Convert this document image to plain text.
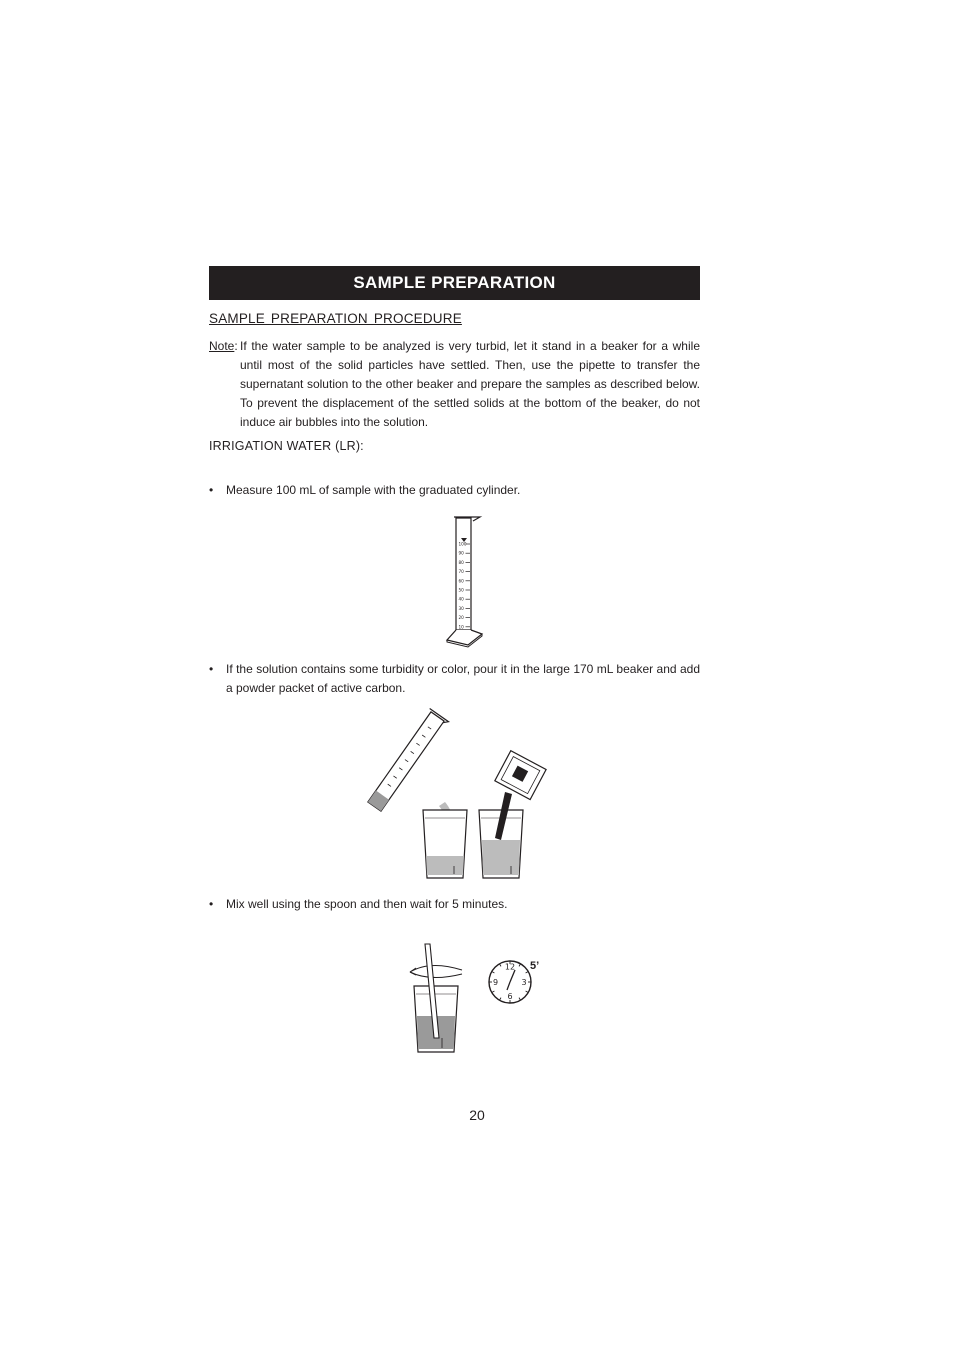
SAMPLE PREPARATION
SAMPLE PREPARATION PROCEDURE
Note: If the water sample to be analyzed is very turbid, let it stand in a beaker for a while until most of the solid particles have settled. Then, use the pipette to transfer the supernatant solution to the other beaker and prepare the samples as described below. To prevent the displacement of the settled solids at the bottom of the beaker, do not induce air bubbles into the solution.
IRRIGATION WATER (LR):
• Measure 100 mL of sample with the graduated cylinder.
100
90
80
70
60
50
40
30
20
10
• If the solution contains some turbidity or color, pour it in the large 170 mL beaker and add a powder packet of active carbon.
• Mix well using the spoon and then wait for 5 minutes.
12
3
6
9
5’
20
